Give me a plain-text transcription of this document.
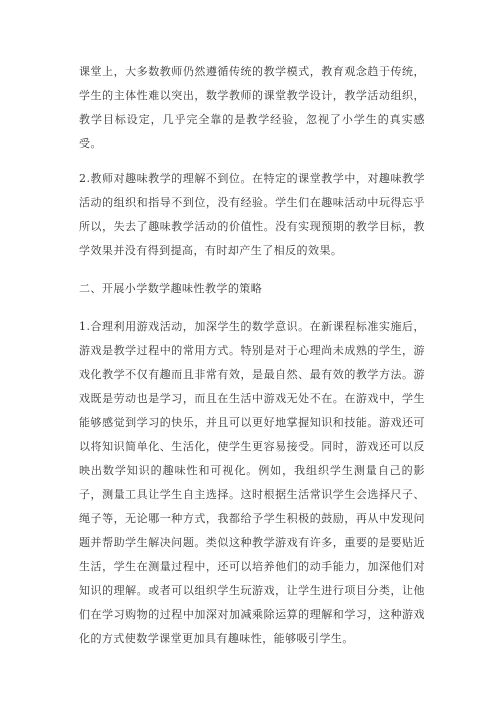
课堂上，大多数教师仍然遵循传统的教学模式，教育观念趋于传统，学生的主体性难以突出，数学教师的课堂教学设计，教学活动组织，教学目标设定，几乎完全靠的是教学经验，忽视了小学生的真实感受。

2.教师对趣味教学的理解不到位。在特定的课堂教学中，对趣味教学活动的组织和指导不到位，没有经验。学生们在趣味活动中玩得忘乎所以，失去了趣味教学活动的价值性。没有实现预期的教学目标，教学效果并没有得到提高，有时却产生了相反的效果。

二、开展小学数学趣味性教学的策略

1.合理利用游戏活动，加深学生的数学意识。在新课程标准实施后，游戏是教学过程中的常用方式。特别是对于心理尚未成熟的学生，游戏化教学不仅有趣而且非常有效，是最自然、最有效的教学方法。游戏既是劳动也是学习，而且在生活中游戏无处不在。在游戏中，学生能够感觉到学习的快乐，并且可以更好地掌握知识和技能。游戏还可以将知识简单化、生活化，使学生更容易接受。同时，游戏还可以反映出数学知识的趣味性和可视化。例如，我组织学生测量自己的影子，测量工具让学生自主选择。这时根据生活常识学生会选择尺子、绳子等，无论哪一种方式，我都给予学生积极的鼓励，再从中发现问题并帮助学生解决问题。类似这种教学游戏有许多，重要的是要贴近生活，学生在测量过程中，还可以培养他们的动手能力，加深他们对知识的理解。或者可以组织学生玩游戏，让学生进行项目分类，让他们在学习购物的过程中加深对加减乘除运算的理解和学习，这种游戏化的方式使数学课堂更加具有趣味性，能够吸引学生。
